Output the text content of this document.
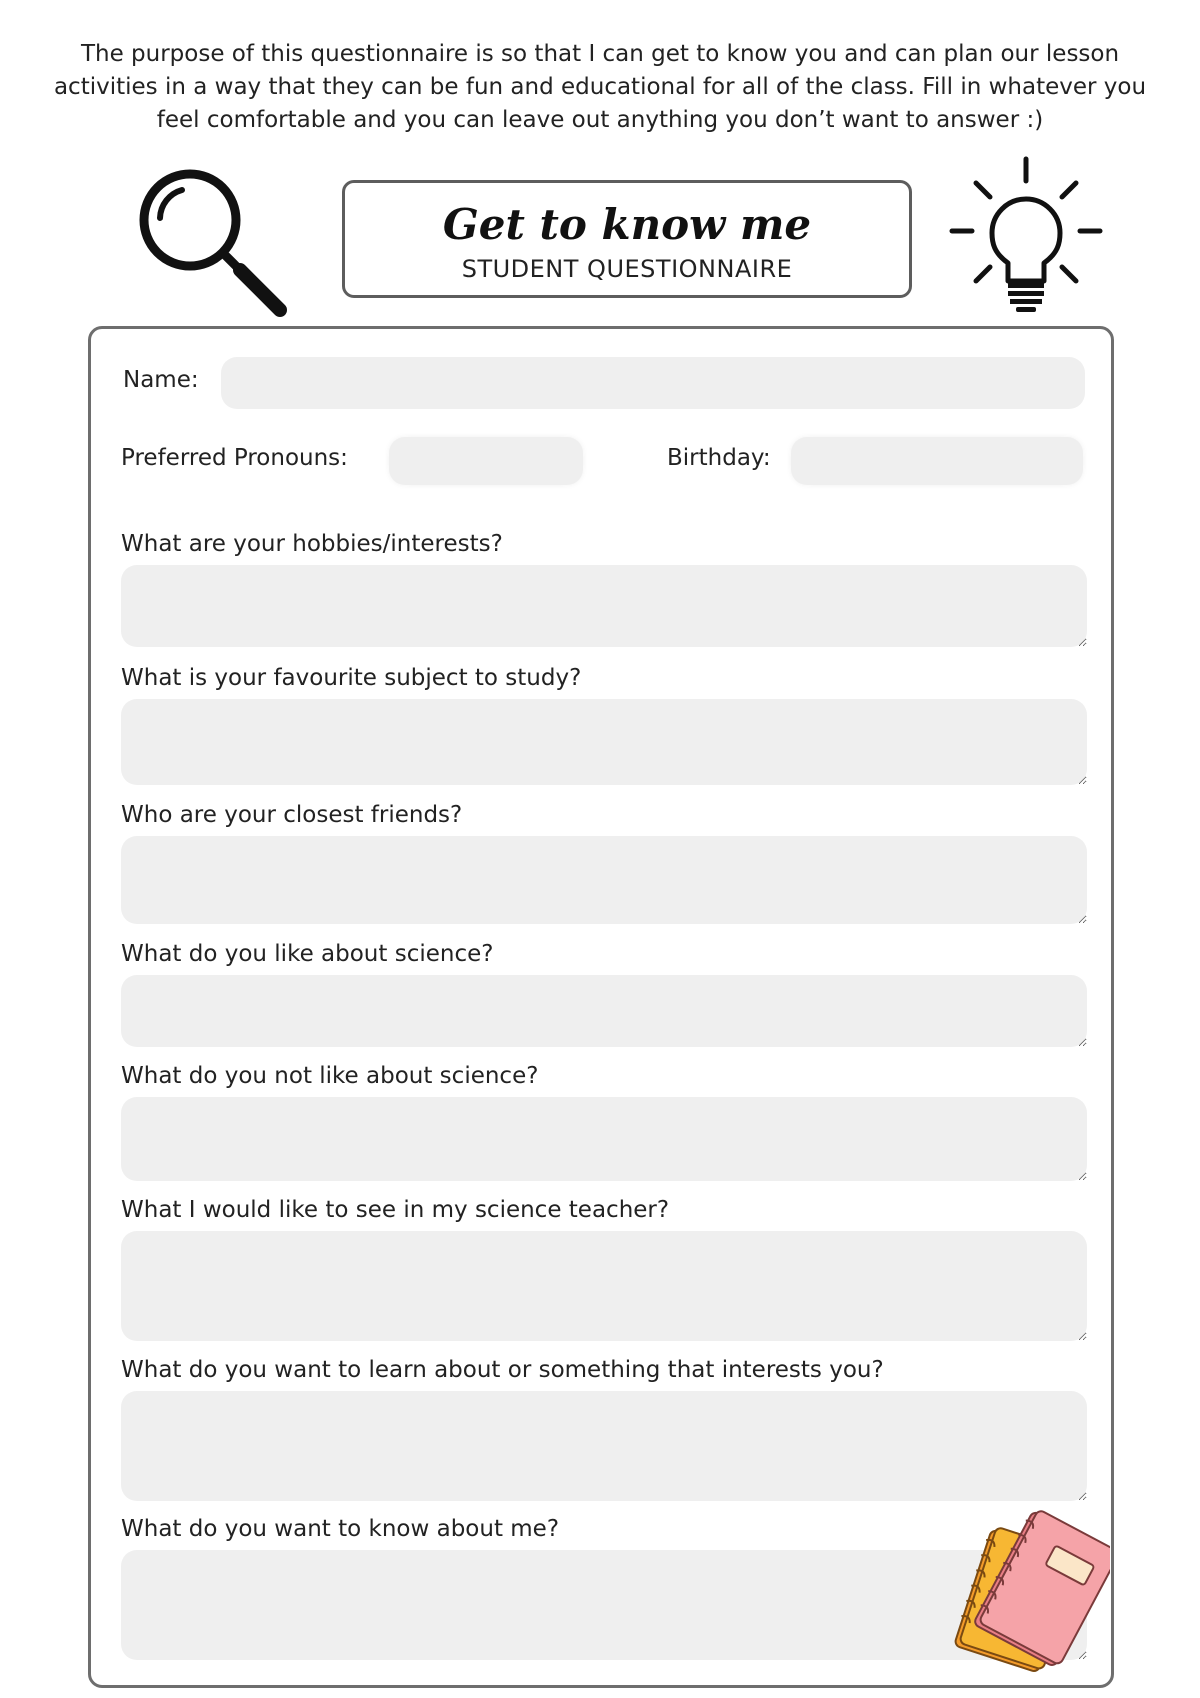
The purpose of this questionnaire is so that I can get to know you and can plan our lesson activities in a way that they can be fun and educational for all of the class. Fill in whatever you feel comfortable and you can leave out anything you don’t want to answer :)
Get to know me
STUDENT QUESTIONNAIRE
Name:
Preferred Pronouns:	Birthday:
What are your hobbies/interests?
What is your favourite subject to study?
Who are your closest friends?
What do you like about science?
What do you not like about science?
What I would like to see in my science teacher?
What do you want to learn about or something that interests you?
What do you want to know about me?
